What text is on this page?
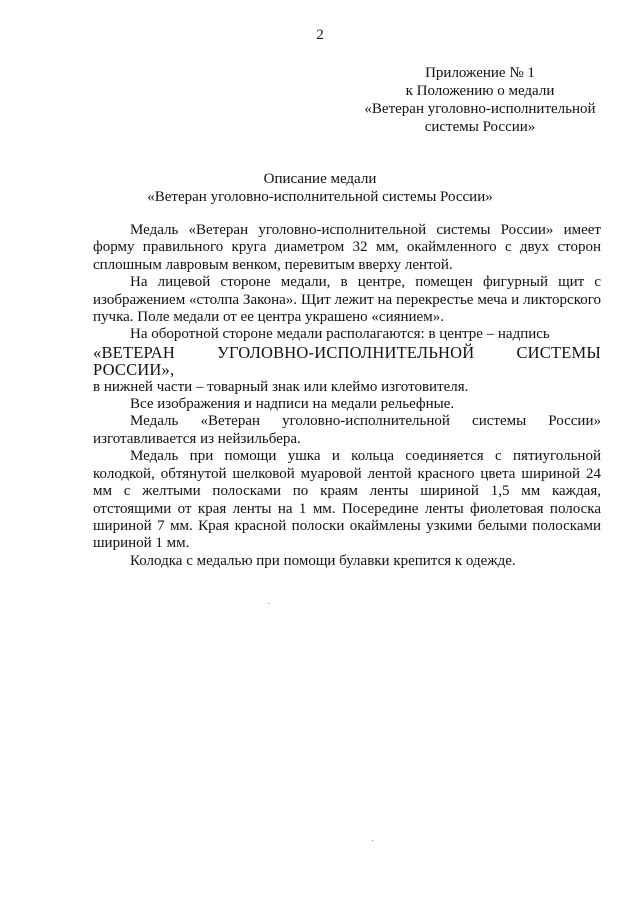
2
Приложение № 1
к Положению о медали
«Ветеран уголовно-исполнительной
системы России»
Описание медали
«Ветеран уголовно-исполнительной системы России»

Медаль «Ветеран уголовно-исполнительной системы России» имеет форму правильного круга диаметром 32 мм, окаймленного с двух сторон сплошным лавровым венком, перевитым вверху лентой.

На лицевой стороне медали, в центре, помещен фигурный щит с изображением «столпа Закона». Щит лежит на перекрестье меча и ликторского пучка. Поле медали от ее центра украшено «сиянием».

На оборотной стороне медали располагаются: в центре – надпись
«ВЕТЕРАН УГОЛОВНО-ИСПОЛНИТЕЛЬНОЙ СИСТЕМЫ РОССИИ»,
в нижней части – товарный знак или клеймо изготовителя.

Все изображения и надписи на медали рельефные.

Медаль «Ветеран уголовно-исполнительной системы России» изготавливается из нейзильбера.

Медаль при помощи ушка и кольца соединяется с пятиугольной колодкой, обтянутой шелковой муаровой лентой красного цвета шириной 24 мм с желтыми полосками по краям ленты шириной 1,5 мм каждая, отстоящими от края ленты на 1 мм. Посередине ленты фиолетовая полоска шириной 7 мм. Края красной полоски окаймлены узкими белыми полосками шириной 1 мм.

Колодка с медалью при помощи булавки крепится к одежде.
